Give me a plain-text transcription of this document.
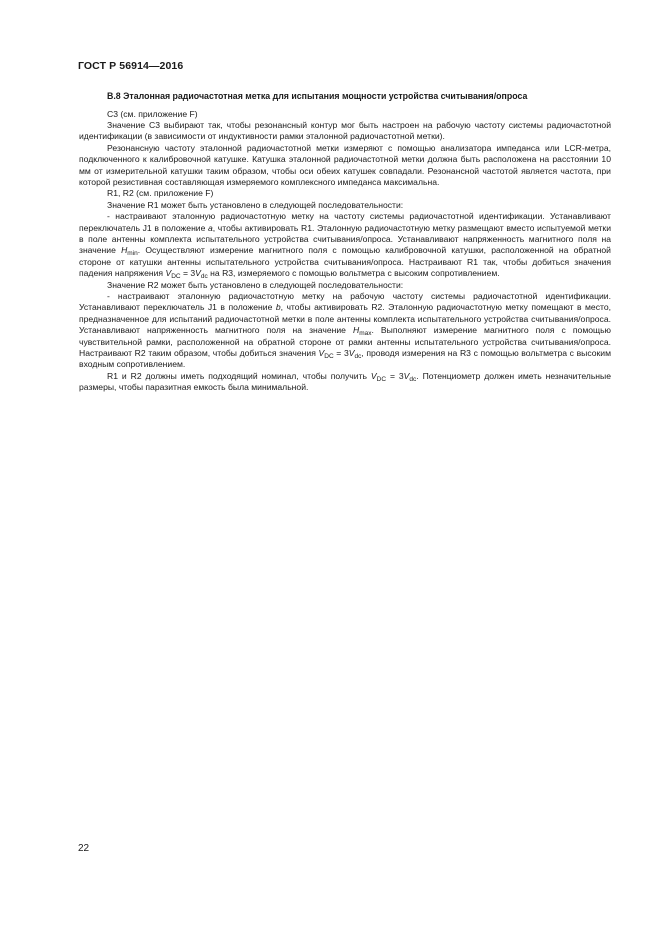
ГОСТ Р 56914—2016
В.8 Эталонная радиочастотная метка для испытания мощности устройства считывания/опроса

C3 (см. приложение F)

Значение C3 выбирают так, чтобы резонансный контур мог быть настроен на рабочую частоту системы радиочастотной идентификации (в зависимости от индуктивности рамки эталонной радиочастотной метки).

Резонансную частоту эталонной радиочастотной метки измеряют с помощью анализатора импеданса или LCR-метра, подключенного к калибровочной катушке. Катушка эталонной радиочастотной метки должна быть расположена на расстоянии 10 мм от измерительной катушки таким образом, чтобы оси обеих катушек совпадали. Резонансной частотой является частота, при которой резистивная составляющая измеряемого комплексного импеданса максимальна.

R1, R2 (см. приложение F)

Значение R1 может быть установлено в следующей последовательности:

- настраивают эталонную радиочастотную метку на частоту системы радиочастотной идентификации. Устанавливают переключатель J1 в положение a, чтобы активировать R1. Эталонную радиочастотную метку размещают вместо испытуемой метки в поле антенны комплекта испытательного устройства считывания/опроса. Устанавливают напряженность магнитного поля на значение $H_{min}$. Осуществляют измерение магнитного поля с помощью калибровочной катушки, расположенной на обратной стороне от катушки антенны испытательного устройства считывания/опроса. Настраивают R1 так, чтобы добиться значения падения напряжения $V_{DC} = 3V_{dc}$ на R3, измеряемого с помощью вольтметра с высоким сопротивлением.

Значение R2 может быть установлено в следующей последовательности:

- настраивают эталонную радиочастотную метку на рабочую частоту системы радиочастотной идентификации. Устанавливают переключатель J1 в положение b, чтобы активировать R2. Эталонную радиочастотную метку помещают в место, предназначенное для испытаний радиочастотной метки в поле антенны комплекта испытательного устройства считывания/опроса. Устанавливают напряженность магнитного поля на значение $H_{max}$. Выполняют измерение магнитного поля с помощью чувствительной рамки, расположенной на обратной стороне от рамки антенны испытательного устройства считывания/опроса. Настраивают R2 таким образом, чтобы добиться значения $V_{DC} = 3V_{dc}$, проводя измерения на R3 с помощью вольтметра с высоким входным сопротивлением.

R1 и R2 должны иметь подходящий номинал, чтобы получить $V_{DC} = 3V_{dc}$. Потенциометр должен иметь незначительные размеры, чтобы паразитная емкость была минимальной.

22
